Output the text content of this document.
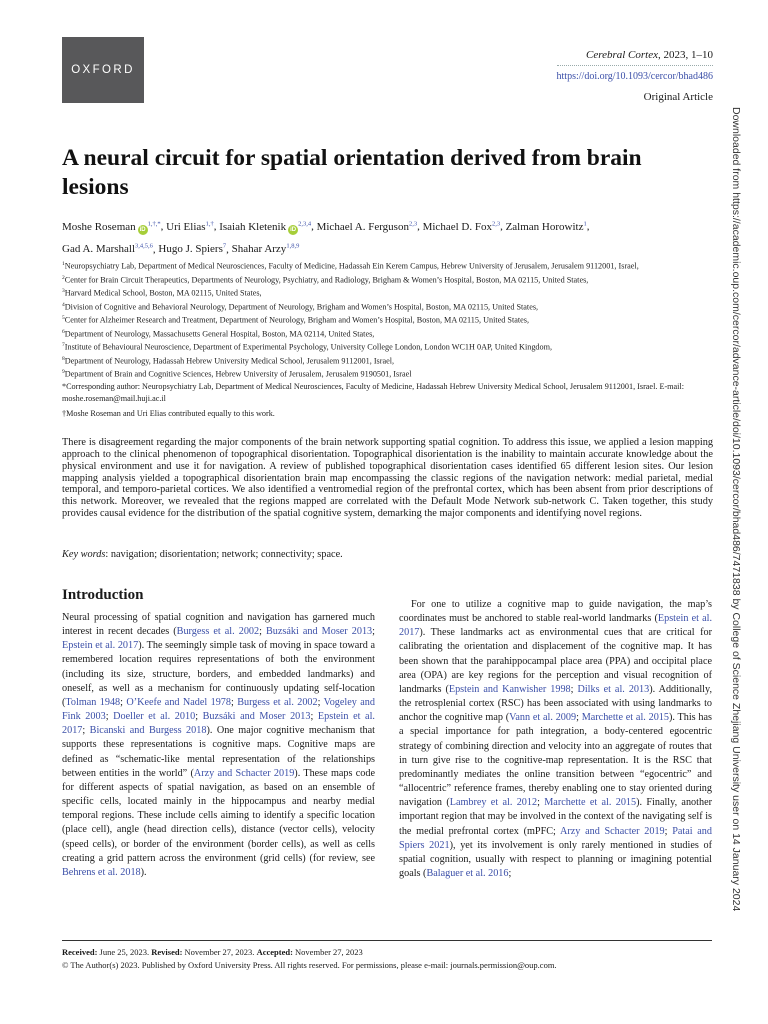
OXFORD
Cerebral Cortex, 2023, 1–10
https://doi.org/10.1093/cercor/bhad486
Original Article
Downloaded from https://academic.oup.com/cercor/advance-article/doi/10.1093/cercor/bhad486/7471838 by College of Science Zhejiang University user on 14 January 2024
A neural circuit for spatial orientation derived from brain lesions
Moshe Roseman $iD^{1,\dagger,*}$, Uri Elias$^{1,\dagger}$, Isaiah Kletenik iD$^{2,3,4}$, Michael A. Ferguson$^{2,3}$, Michael D. Fox$^{2,3}$, Zalman Horowitz$^1$,
Gad A. Marshall$^{3,4,5,6}$, Hugo J. Spiers$^7$, Shahar Arzy$^{1,8,9}$

$^1$Neuropsychiatry Lab, Department of Medical Neurosciences, Faculty of Medicine, Hadassah Ein Kerem Campus, Hebrew University of Jerusalem, Jerusalem 9112001, Israel,

$^2$Center for Brain Circuit Therapeutics, Departments of Neurology, Psychiatry, and Radiology, Brigham & Women’s Hospital, Boston, MA 02115, United States,

$^3$Harvard Medical School, Boston, MA 02115, United States,

$^4$Division of Cognitive and Behavioral Neurology, Department of Neurology, Brigham and Women’s Hospital, Boston, MA 02115, United States,

$^5$Center for Alzheimer Research and Treatment, Department of Neurology, Brigham and Women’s Hospital, Boston, MA 02115, United States,

$^6$Department of Neurology, Massachusetts General Hospital, Boston, MA 02114, United States,

$^7$Institute of Behavioural Neuroscience, Department of Experimental Psychology, University College London, London WC1H 0AP, United Kingdom,

$^8$Department of Neurology, Hadassah Hebrew University Medical School, Jerusalem 9112001, Israel,

$^9$Department of Brain and Cognitive Sciences, Hebrew University of Jerusalem, Jerusalem 9190501, Israel

*Corresponding author: Neuropsychiatry Lab, Department of Medical Neurosciences, Faculty of Medicine, Hadassah Hebrew University Medical School, Jerusalem 9112001, Israel. E-mail: moshe.roseman@mail.huji.ac.il

†Moshe Roseman and Uri Elias contributed equally to this work.

There is disagreement regarding the major components of the brain network supporting spatial cognition. To address this issue, we applied a lesion mapping approach to the clinical phenomenon of topographical disorientation. Topographical disorientation is the inability to maintain accurate knowledge about the physical environment and use it for navigation. A review of published topographical disorientation cases identified 65 different lesion sites. Our lesion mapping analysis yielded a topographical disorientation brain map encompassing the classic regions of the navigation network: medial parietal, medial temporal, and temporo-parietal cortices. We also identified a ventromedial region of the prefrontal cortex, which has been absent from prior descriptions of this network. Moreover, we revealed that the regions mapped are correlated with the Default Mode Network sub-network C. Taken together, this study provides causal evidence for the distribution of the spatial cognitive system, demarking the major components and identifying novel regions.

Key words: navigation; disorientation; network; connectivity; space.
Introduction

Neural processing of spatial cognition and navigation has garnered much interest in recent decades (Burgess et al. 2002; Buzsáki and Moser 2013; Epstein et al. 2017). The seemingly simple task of moving in space toward a remembered location requires representations of both the environment (including its size, structure, borders, and embedded landmarks) and oneself, as well as a mechanism for continuously updating self-location (Tolman 1948; O’Keefe and Nadel 1978; Burgess et al. 2002; Vogeley and Fink 2003; Doeller et al. 2010; Buzsáki and Moser 2013; Epstein et al. 2017; Bicanski and Burgess 2018). One major cognitive mechanism that supports these representations is cognitive maps. Cognitive maps are defined as “schematic-like mental representation of the relationships between entities in the world” (Arzy and Schacter 2019). These maps code for different aspects of spatial navigation, as based on an ensemble of specific cells, located mainly in the hippocampus and nearby medial temporal regions. These include cells aiming to identify a specific location (place cell), angle (head direction cells), distance (vector cells), velocity (speed cells), or border of the environment (border cells), as well as cells creating a grid pattern across the environment (grid cells) (for review, see Behrens et al. 2018).

For one to utilize a cognitive map to guide navigation, the map’s coordinates must be anchored to stable real-world landmarks (Epstein et al. 2017). These landmarks act as environmental cues that are critical for calibrating the orientation and displacement of the cognitive map. It has been shown that the parahippocampal place area (PPA) and occipital place area (OPA) are key regions for the perception and visual recognition of landmarks (Epstein and Kanwisher 1998; Dilks et al. 2013). Additionally, the retrosplenial cortex (RSC) has been associated with using landmarks to anchor the cognitive map (Vann et al. 2009; Marchette et al. 2015). This has a special importance for path integration, a body-centered egocentric strategy of combining direction and velocity into an aggregate of routes that in turn give rise to the cognitive-map representation. It is the RSC that predominantly mediates the online transition between “egocentric” and “allocentric” reference frames, thereby enabling one to stay oriented during navigation (Lambrey et al. 2012; Marchette et al. 2015). Finally, another important region that may be involved in the context of the navigating self is the medial prefrontal cortex (mPFC; Arzy and Schacter 2019; Patai and Spiers 2021), yet its involvement is only rarely mentioned in studies of spatial cognition, usually with respect to planning or imagining potential goals (Balaguer et al. 2016;

Received: June 25, 2023. Revised: November 27, 2023. Accepted: November 27, 2023
© The Author(s) 2023. Published by Oxford University Press. All rights reserved. For permissions, please e-mail: journals.permission@oup.com.
